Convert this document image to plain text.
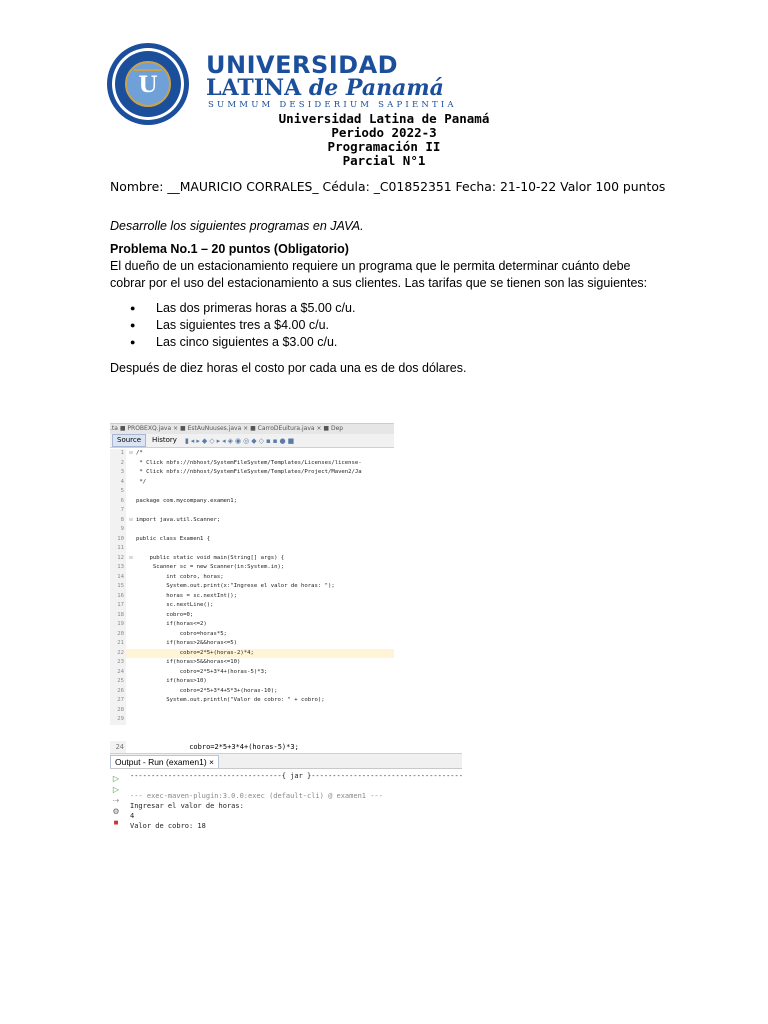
U
UNIVERSIDAD
LATINA de Panamá
SUMMUM DESIDERIUM SAPIENTIA
Universidad Latina de Panamá
Periodo 2022-3
Programación II
Parcial N°1
Nombre: __MAURICIO CORRALES_ Cédula: _C01852351 Fecha: 21-10-22 Valor 100 puntos
Desarrolle los siguientes programas en JAVA.
Problema No.1 – 20 puntos (Obligatorio)
El dueño de un estacionamiento requiere un programa que le permita determinar cuánto debe cobrar por el uso del estacionamiento a sus clientes. Las tarifas que se tienen son las siguientes:
● Las dos primeras horas a $5.00 c/u.
● Las siguientes tres a $4.00 c/u.
● Las cinco siguientes a $3.00 c/u.
Después de diez horas el costo por cada una es de dos dólares.
.ta ■ PROBEXQ.java × ■ EstAuNuuses.java × ■ CarroDEuitura.java × ■ Dep
Source	History	▮◂▸◆◇▸◂◈◉◎◆◇▪▪●■
1	⊟ /*
2	* Click nbfs://nbhost/SystemFileSystem/Templates/Licenses/license-
3	* Click nbfs://nbhost/SystemFileSystem/Templates/Project/Maven2/Ja
4	*/
5
6	package com.mycompany.examen1;
7
8	⊟ import java.util.Scanner;
9
10	public class Examen1 {
11
12	⊟ public static void main(String[] args) {
13	Scanner sc = new Scanner(in:System.in);
14	int cobro, horas;
15	System.out.print(x:"Ingrese el valor de horas: ");
16	horas = sc.nextInt();
17	sc.nextLine();
18	cobro=0;
19	if(horas<=2)
20	cobro=horas*5;
21	if(horas>2&&horas<=5)
22	cobro=2*5+(horas-2)*4;
23	if(horas>5&&horas<=10)
24	cobro=2*5+3*4+(horas-5)*3;
25	if(horas>10)
26	cobro=2*5+3*4+5*3+(horas-10);
27	System.out.println("Valor de cobro: " + cobro);
28
29
24 cobro=2*5+3*4+(horas-5)*3;
Output - Run (examen1) ×
▷
▷
⇢
⚙
■
------------------------------------{ jar }------------------------------------
--- exec-maven-plugin:3.0.0:exec (default-cli) @ examen1 ---
Ingresar el valor de horas:
4
Valor de cobro: 18
